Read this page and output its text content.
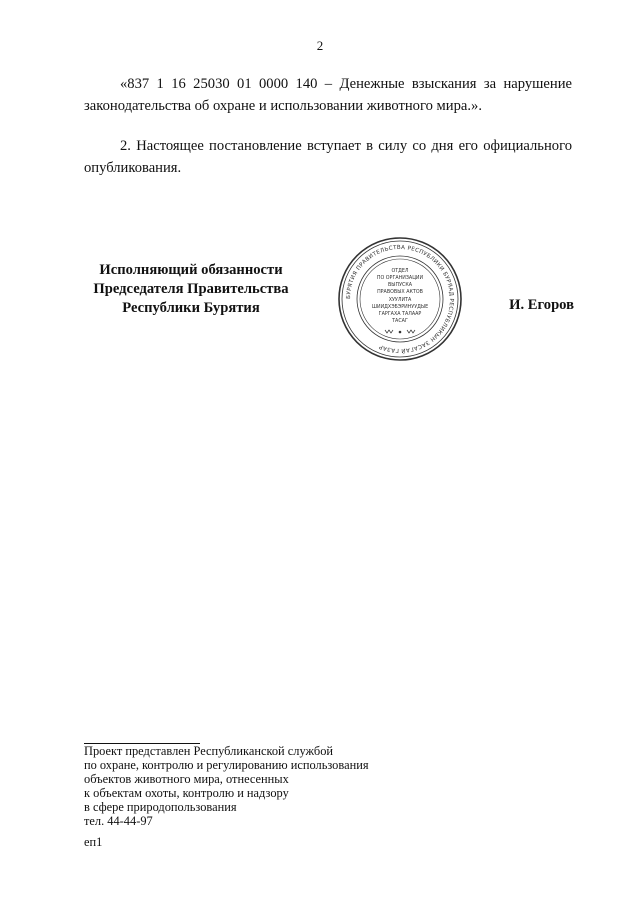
2

«837 1 16 25030 01 0000 140 – Денежные взыскания за нарушение законодательства об охране и использовании животного мира.».

2. Настоящее постановление вступает в силу со дня его официального опубликования.

Исполняющий обязанности
Председателя Правительства
Республики Бурятия
БУРЯТИЯ ПРАВИТЕЛЬСТВА РЕСПУБЛИКИ БУРЯАД РЕСПУБЛИКЫН ЗАСАГАЙ ГАЗАР
ОТДЕЛ
ПО ОРГАНИЗАЦИИ
ВЫПУСКА
ПРАВОВЫХ АКТОВ
ХУУЛИТА
ШИИДХЭБЭРИНУУДЫЕ
ГАРГАХА ТАЛААР
ТАСАГ
И. Егоров
Проект представлен Республиканской службой
по охране, контролю и регулированию использования
объектов животного мира, отнесенных
к объектам охоты, контролю и надзору
в сфере природопользования
тел. 44-44-97
еп1
